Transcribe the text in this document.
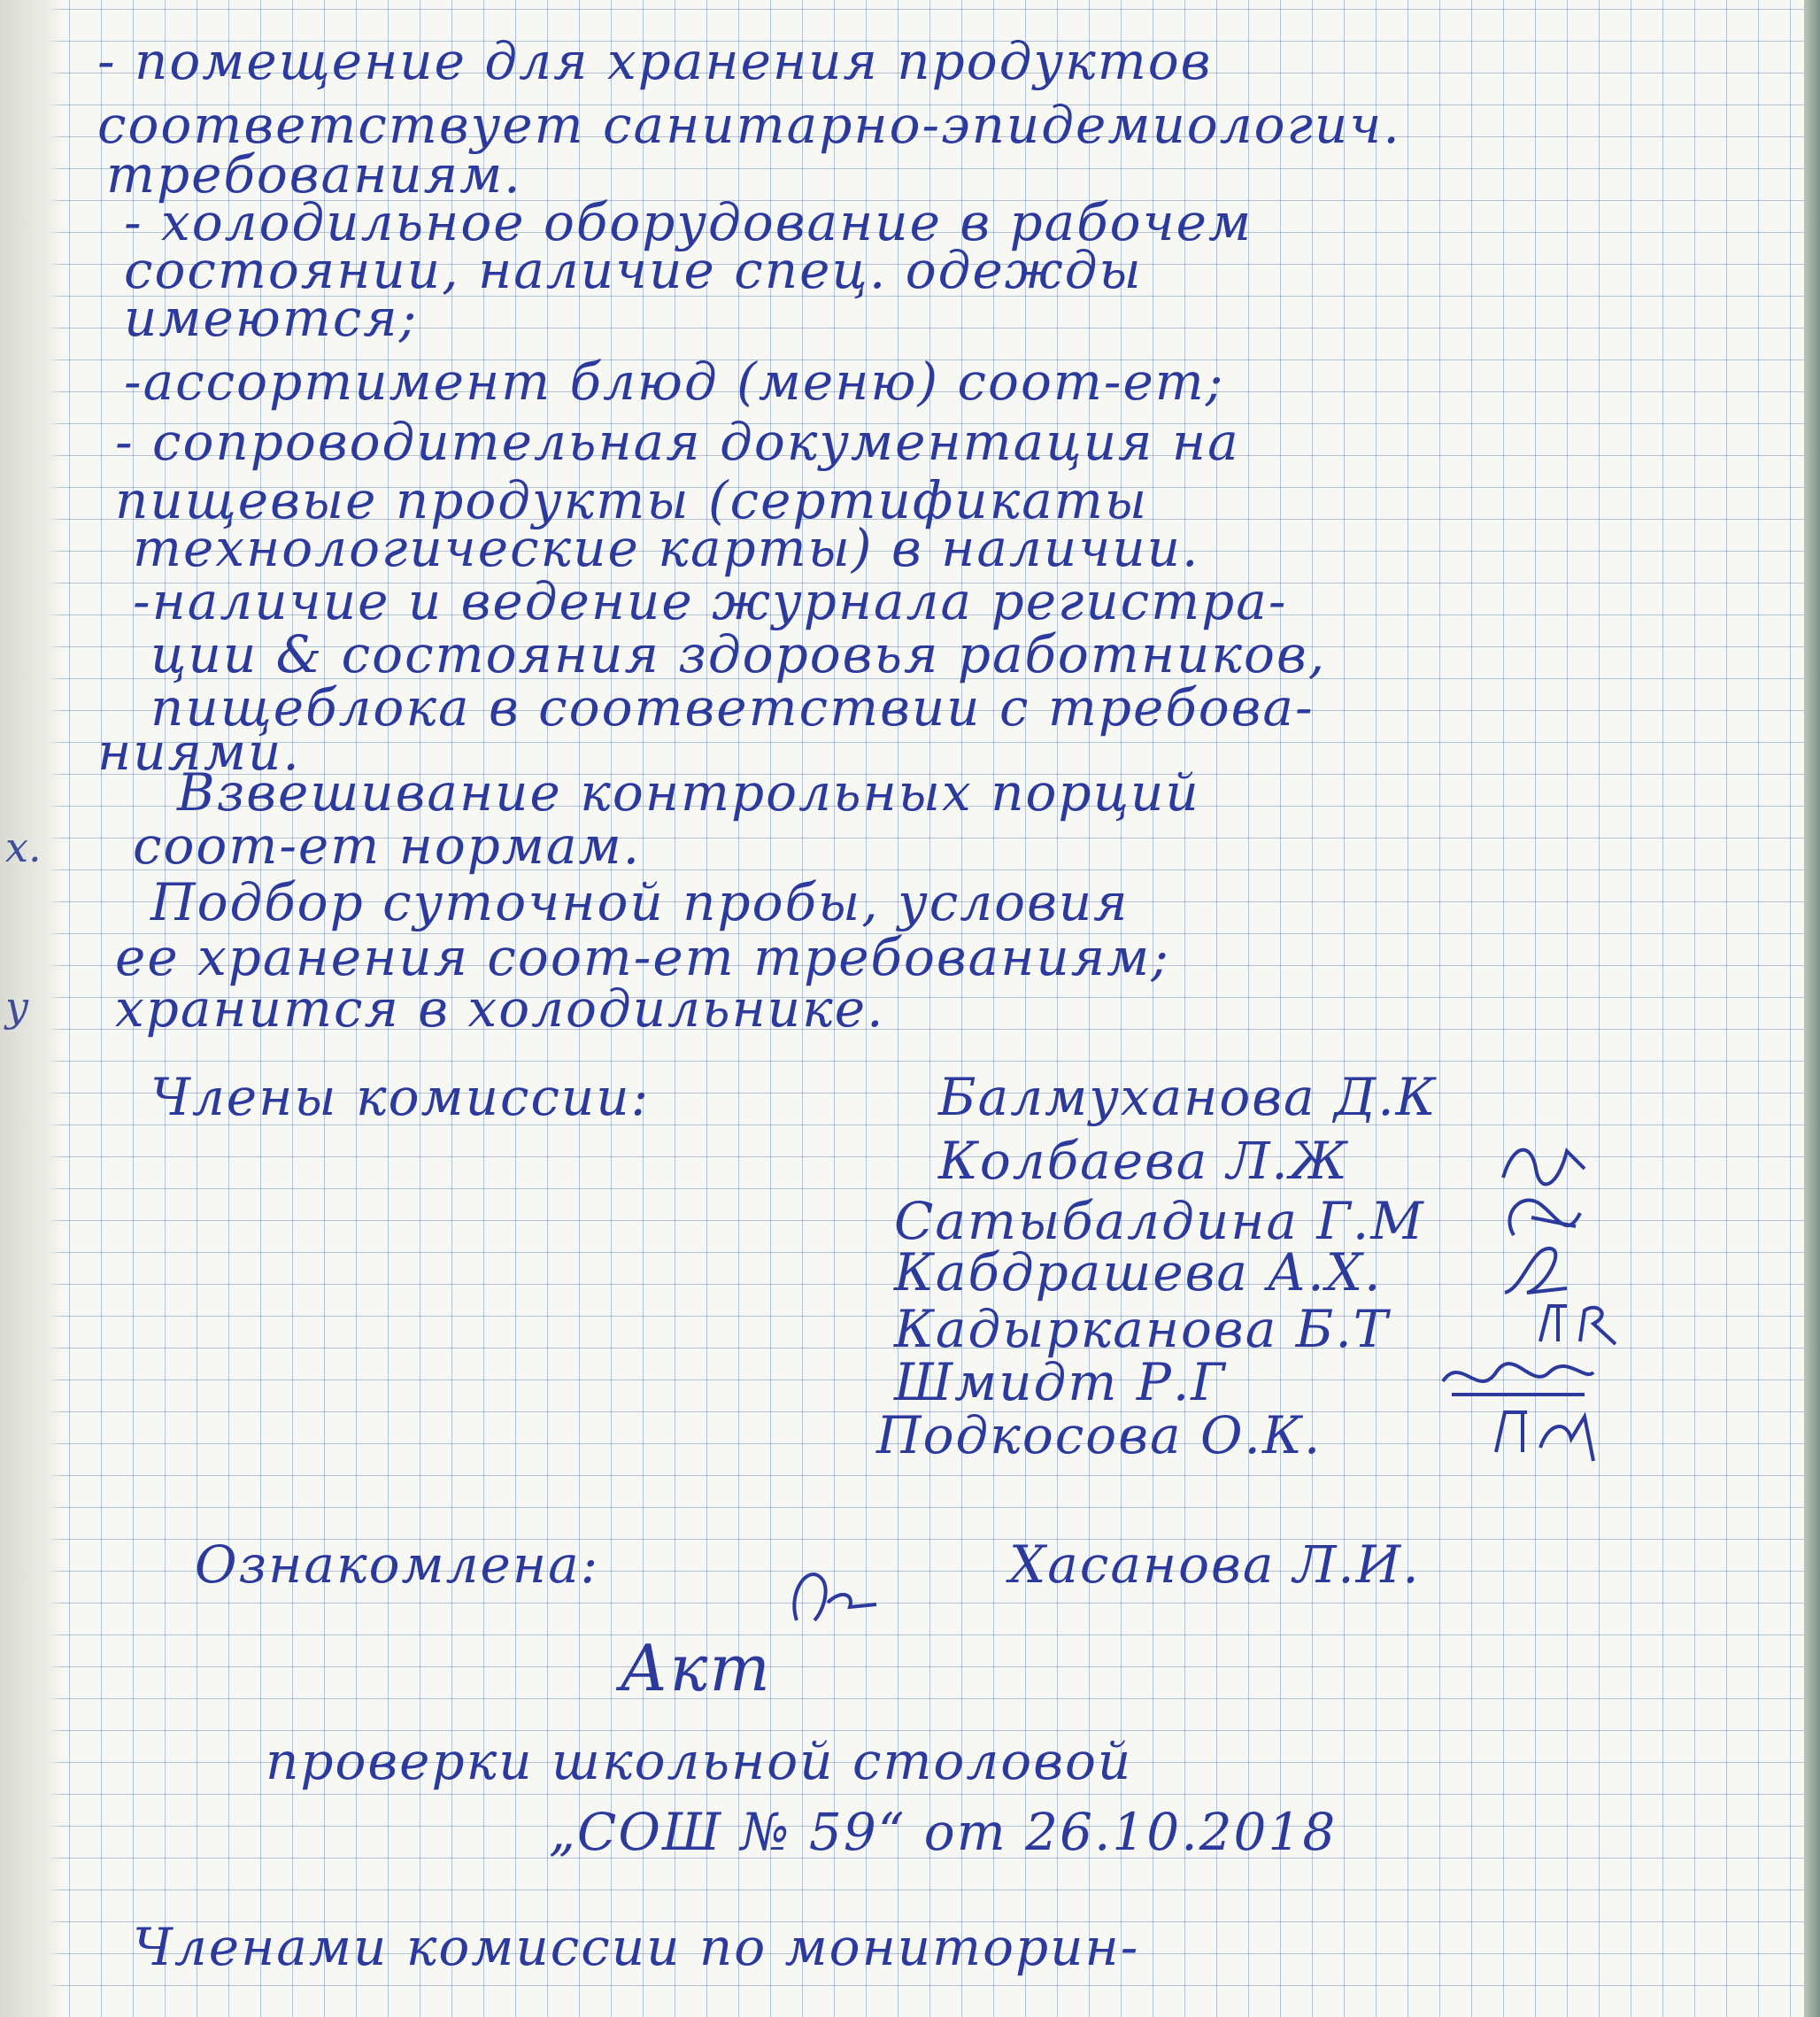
х.
у
- помещение для хранения продуктов
соответствует санитарно-эпидемиологич.
требованиям.
- холодильное оборудование в рабочем
состоянии, наличие спец. одежды
имеются;
-ассортимент блюд (меню) соот-ет;
- сопроводительная документация на
пищевые продукты (сертификаты
технологические карты) в наличии.
-наличие и ведение журнала регистра-
ции & состояния здоровья работников,
пищеблока в соответствии с требова-
ниями.
Взвешивание контрольных порций
соот-ет нормам.
Подбор суточной пробы, условия
ее хранения соот-ет требованиям;
хранится в холодильнике.
Члены комиссии:	Балмуханова Д.К
Колбаева Л.Ж
Сатыбалдина Г.М
Кабдрашева А.Х.
Кадырканова Б.Т
Шмидт Р.Г
Подкосова О.К.
Ознакомлена:	Хасанова Л.И.
Акт
проверки школьной столовой
„СОШ № 59“ от 26.10.2018
Членами комиссии по мониторин-
